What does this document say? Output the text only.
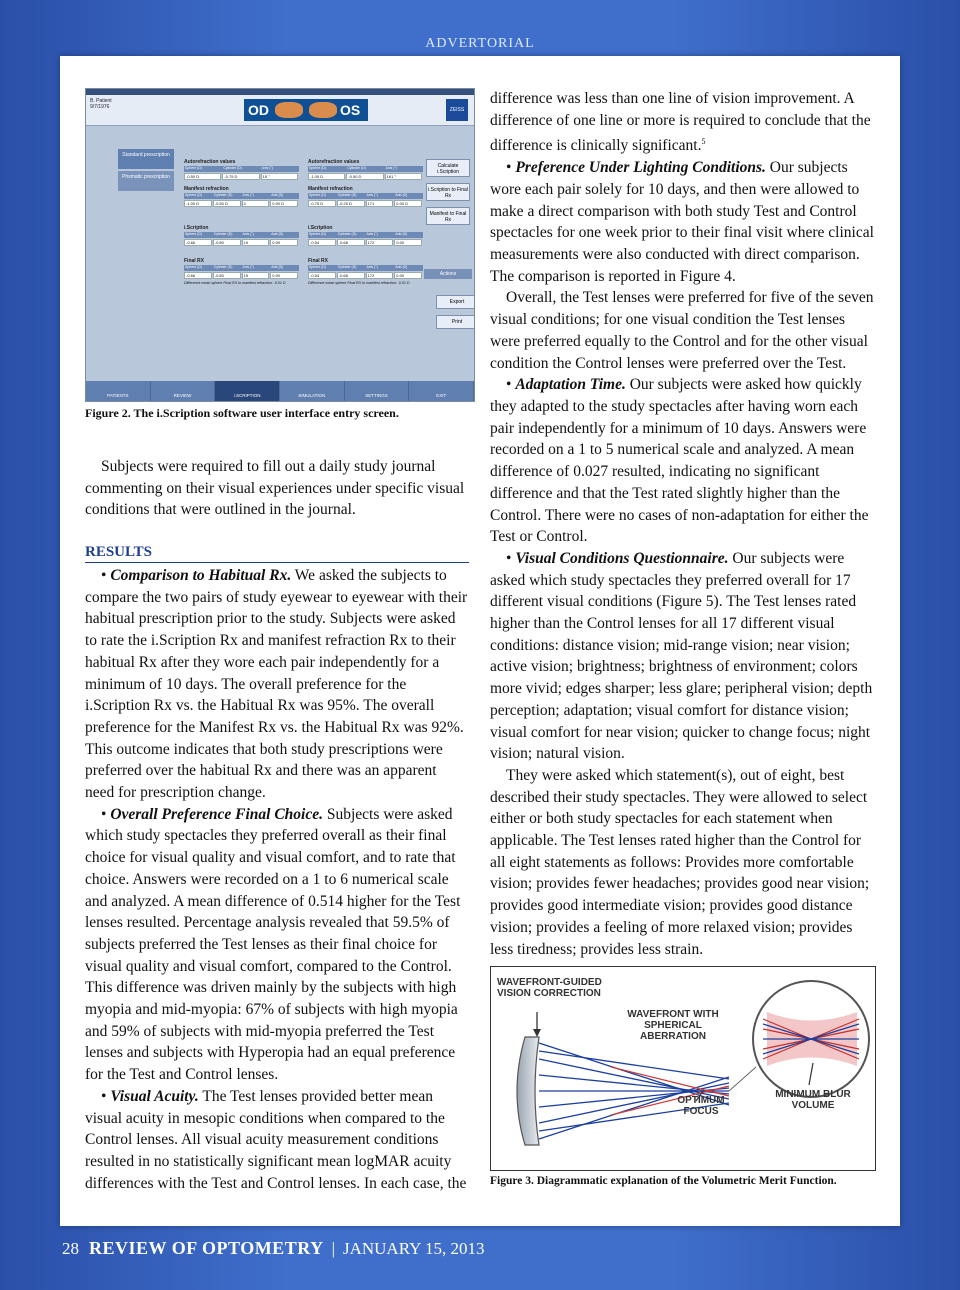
ADVERTORIAL
B. Patient
9/7/1976	OD	OS	ZEISS
Standard prescription
Prismatic prescription
Autorefraction values
Sphere (D)	Cylinder (D)	Axis (°)
-0.50 D	-0.75 D	15 °
Manifest refraction
Sphere (D)	Cylinder (D)	Axis (°)	Add (D)
-1.00 D	-0.50 D	4	0.00 D
i.Scription
Sphere (D)	Cylinder (D)	Axis (°)	Add (D)
-0.66	-0.80	15	0.00
Final RX
Sphere (D)	Cylinder (D)	Axis (°)	Add (D)
-0.66	-0.80	15	0.00
Difference mean sphere Final RX to manifest refraction: -0.01 D
Autorefraction values
Sphere (D)	Cylinder (D)	Axis (°)
-1.00 D	-0.50 D	161 °
Manifest refraction
Sphere (D)	Cylinder (D)	Axis (°)	Add (D)
-0.75 D	-0.25 D	171	0.00 D
i.Scription
Sphere (D)	Cylinder (D)	Axis (°)	Add (D)
-0.54	-0.68	172	0.00
Final RX
Sphere (D)	Cylinder (D)	Axis (°)	Add (D)
-0.54	-0.68	172	0.00
Difference mean sphere Final RX to manifest refraction: -0.01 D
Calculate i.Scription
i.Scription to Final Rx
Manifest to Final Rx
Actions
Export
Print
PATIENTS	REVIEW	i.SCRIPTION	SIMULATION	SETTINGS	EXIT
Figure 2. The i.Scription software user interface entry screen.

Subjects were required to fill out a daily study journal commenting on their visual experiences under specific visual conditions that were outlined in the journal.

RESULTS

• Comparison to Habitual Rx. We asked the subjects to compare the two pairs of study eyewear to eyewear with their habitual prescription prior to the study. Subjects were asked to rate the i.Scription Rx and manifest refraction Rx to their habitual Rx after they wore each pair independently for a minimum of 10 days. The overall preference for the i.Scription Rx vs. the Habitual Rx was 95%. The overall preference for the Manifest Rx vs. the Habitual Rx was 92%. This outcome indicates that both study prescriptions were preferred over the habitual Rx and there was an apparent need for prescription change.

• Overall Preference Final Choice. Subjects were asked which study spectacles they preferred overall as their final choice for visual quality and visual comfort, and to rate that choice. Answers were recorded on a 1 to 6 numerical scale and analyzed. A mean difference of 0.514 higher for the Test lenses resulted. Percentage analysis revealed that 59.5% of subjects preferred the Test lenses as their final choice for visual quality and visual comfort, compared to the Control. This difference was driven mainly by the subjects with high myopia and mid-myopia: 67% of subjects with high myopia and 59% of subjects with mid-myopia preferred the Test lenses and subjects with Hyperopia had an equal preference for the Test and Control lenses.

• Visual Acuity. The Test lenses provided better mean visual acuity in mesopic conditions when compared to the Control lenses. All visual acuity measurement conditions resulted in no statistically significant mean logMAR acuity differences with the Test and Control lenses. In each case, the

difference was less than one line of vision improvement. A difference of one line or more is required to conclude that the difference is clinically significant.$^5$

• Preference Under Lighting Conditions. Our subjects wore each pair solely for 10 days, and then were allowed to make a direct comparison with both study Test and Control spectacles for one week prior to their final visit where clinical measurements were also conducted with direct comparison. The comparison is reported in Figure 4.

Overall, the Test lenses were preferred for five of the seven visual conditions; for one visual condition the Test lenses were preferred equally to the Control and for the other visual condition the Control lenses were preferred over the Test.

• Adaptation Time. Our subjects were asked how quickly they adapted to the study spectacles after having worn each pair independently for a minimum of 10 days. Answers were recorded on a 1 to 5 numerical scale and analyzed. A mean difference of 0.027 resulted, indicating no significant difference and that the Test rated slightly higher than the Control. There were no cases of non-adaptation for either the Test or Control.

• Visual Conditions Questionnaire. Our subjects were asked which study spectacles they preferred overall for 17 different visual conditions (Figure 5). The Test lenses rated higher than the Control lenses for all 17 different visual conditions: distance vision; mid-range vision; near vision; active vision; brightness; brightness of environment; colors more vivid; edges sharper; less glare; peripheral vision; depth perception; adaptation; visual comfort for distance vision; visual comfort for near vision; quicker to change focus; night vision; natural vision.

They were asked which statement(s), out of eight, best described their study spectacles. They were allowed to select either or both study spectacles for each statement when applicable. The Test lenses rated higher than the Control for all eight statements as follows: Provides more comfortable vision; provides fewer headaches; provides good near vision; provides good intermediate vision; provides good distance vision; provides a feeling of more relaxed vision; provides less tiredness; provides less strain.

WAVEFRONT-GUIDED VISION CORRECTION
WAVEFRONT WITH SPHERICAL ABERRATION
OPTIMUM FOCUS
MINIMUM BLUR VOLUME
Figure 3. Diagrammatic explanation of the Volumetric Merit Function.
28 REVIEW OF OPTOMETRY | JANUARY 15, 2013
